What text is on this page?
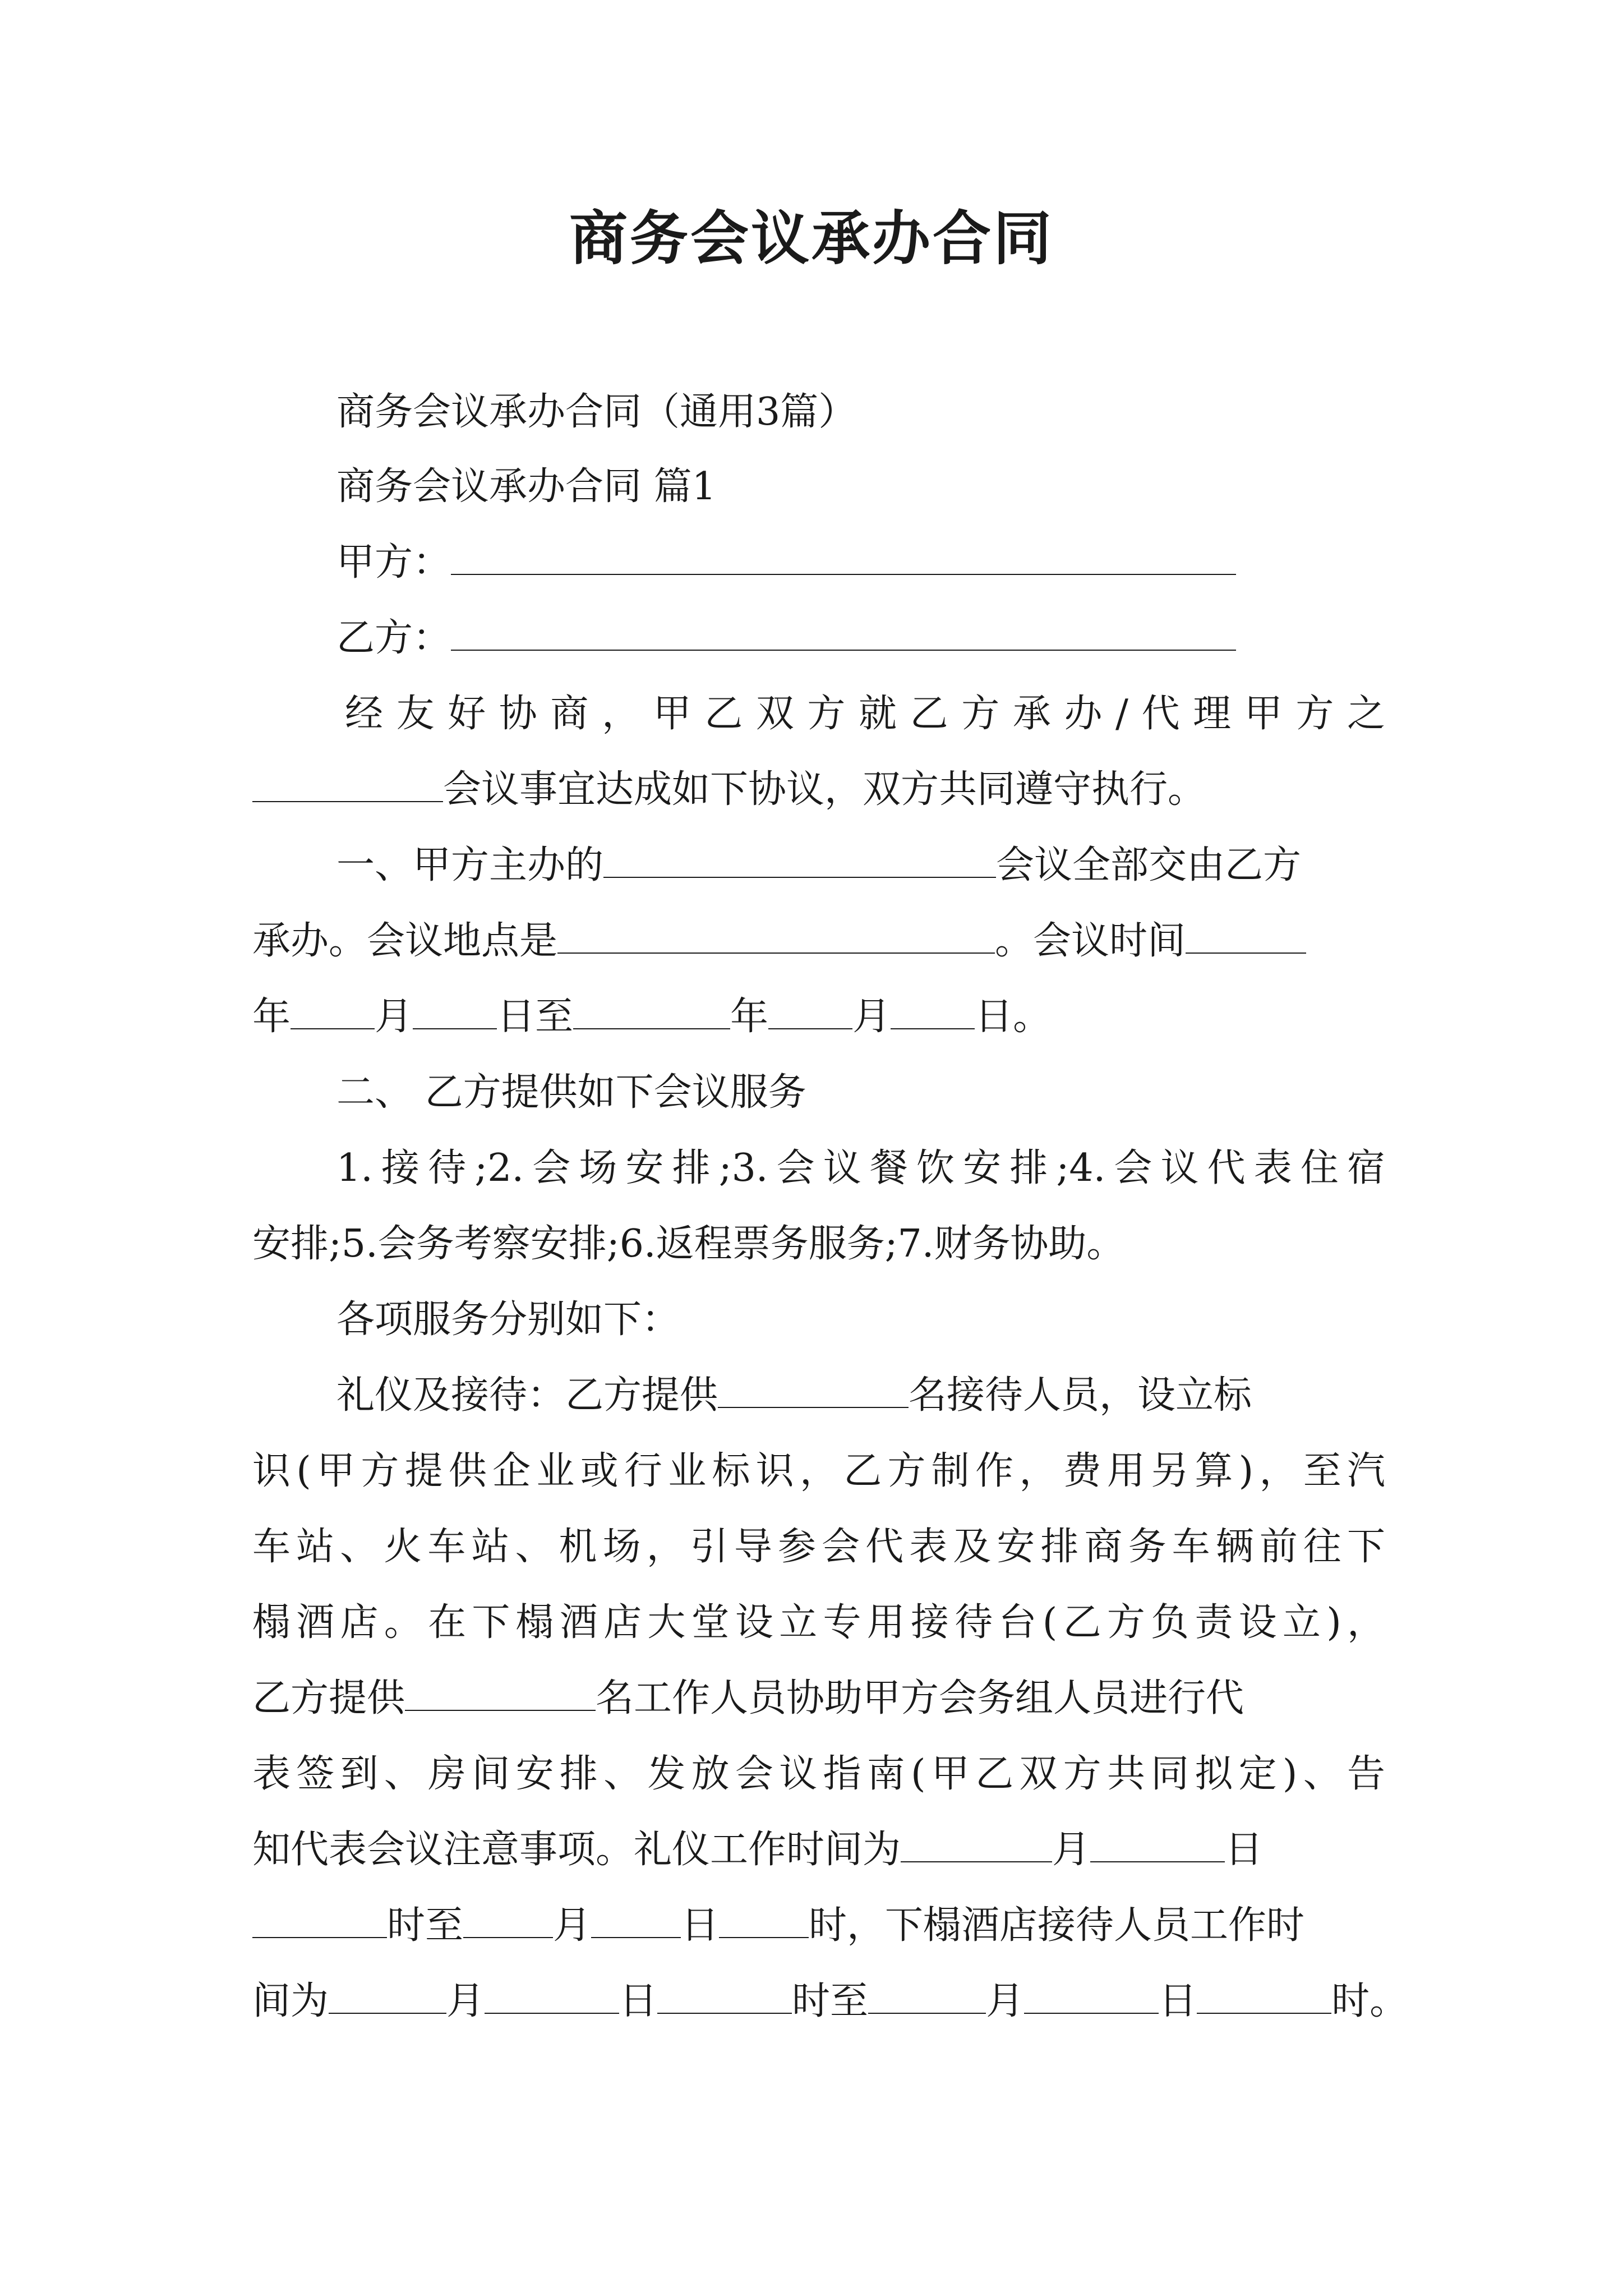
商务会议承办合同
商务会议承办合同（通用3篇）
商务会议承办合同 篇1
甲方：
乙方：
经友好协商，甲乙双方就乙方承办/代理甲方之
会议事宜达成如下协议，双方共同遵守执行。
一、甲方主办的	会议全部交由乙方
承办。会议地点是	。会议时间
年 月 日至	年 月 日。
二、 乙方提供如下会议服务
1.接待;2.会场安排;3.会议餐饮安排;4.会议代表住宿
安排;5.会务考察安排;6.返程票务服务;7.财务协助。
各项服务分别如下：
礼仪及接待：乙方提供	名接待人员，设立标
识(甲方提供企业或行业标识，乙方制作，费用另算)，至汽
车站、火车站、机场，引导参会代表及安排商务车辆前往下
榻酒店。在下榻酒店大堂设立专用接待台(乙方负责设立)，
乙方提供	名工作人员协助甲方会务组人员进行代
表签到、房间安排、发放会议指南(甲乙双方共同拟定)、告
知代表会议注意事项。礼仪工作时间为	月	日
时至 月 日 时，下榻酒店接待人员工作时
间为	月	日	时至	月	日	时。
